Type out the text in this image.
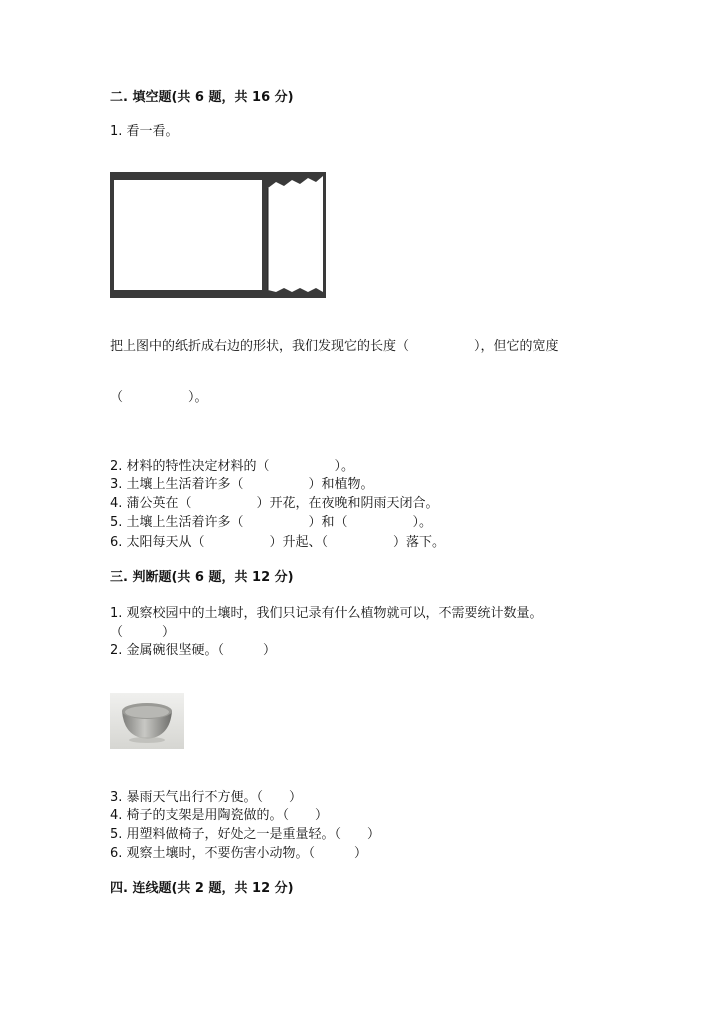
二. 填空题(共 6 题，共 16 分)
1. 看一看。
把上图中的纸折成右边的形状，我们发现它的长度（　　　　　），但它的宽度
（　　　　　）。
2. 材料的特性决定材料的（　　　　　）。
3. 土壤上生活着许多（　　　　　）和植物。
4. 蒲公英在（　　　　　）开花，在夜晚和阴雨天闭合。
5. 土壤上生活着许多（　　　　　）和（　　　　　）。
6. 太阳每天从（　　　　　）升起、（　　　　　）落下。
三. 判断题(共 6 题，共 12 分)
1. 观察校园中的土壤时，我们只记录有什么植物就可以，不需要统计数量。
（　　　）
2. 金属碗很坚硬。（　　　）
3. 暴雨天气出行不方便。（　　）
4. 椅子的支架是用陶瓷做的。（　　）
5. 用塑料做椅子，好处之一是重量轻。（　　）
6. 观察土壤时，不要伤害小动物。（　　　）
四. 连线题(共 2 题，共 12 分)
